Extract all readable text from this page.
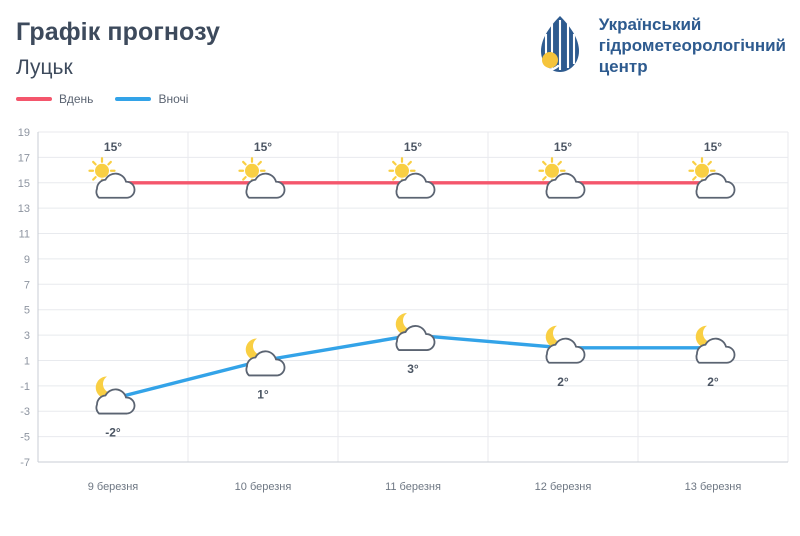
Графік прогнозу
Луцьк
Український
гідрометеорологічний
центр
Вдень	Вночі
-7
-5
-3
-1
1
3
5
7
9
11
13
15
17
19
9 березня	10 березня	11 березня	12 березня	13 березня
15°	15°	15°	15°	15°
-2°
1°
3°
2°	2°
